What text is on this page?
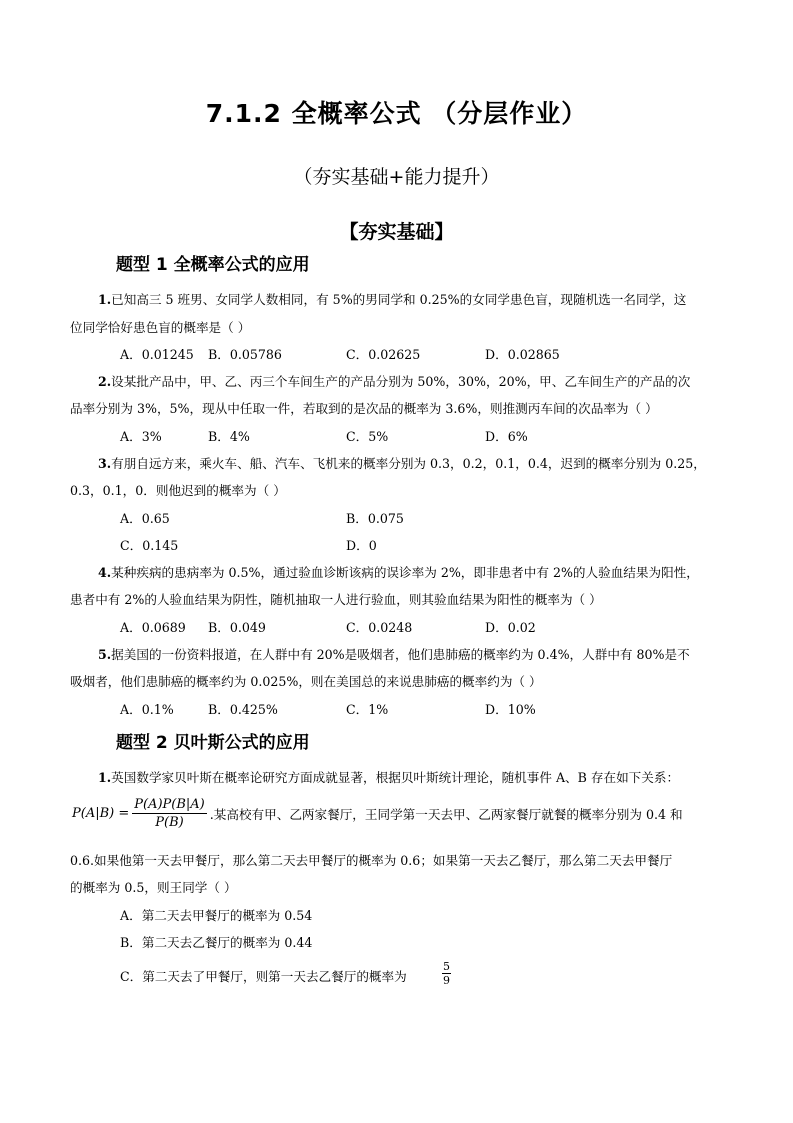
7.1.2 全概率公式 （分层作业）
（夯实基础+能力提升）
【夯实基础】
题型 1 全概率公式的应用
1.已知高三 5 班男、女同学人数相同，有 5%的男同学和 0.25%的女同学患色盲，现随机选一名同学，这
位同学恰好患色盲的概率是（ ）
A．0.01245 B．0.05786	C．0.02625	D．0.02865
2.设某批产品中，甲、乙、丙三个车间生产的产品分别为 50%，30%，20%，甲、乙车间生产的产品的次
品率分别为 3%，5%，现从中任取一件，若取到的是次品的概率为 3.6%，则推测丙车间的次品率为（ ）
A．3%	B．4%	C．5%	D．6%
3.有朋自远方来，乘火车、船、汽车、飞机来的概率分别为 0.3，0.2，0.1，0.4，迟到的概率分别为 0.25，
0.3，0.1，0．则他迟到的概率为（ ）
A．0.65	B．0.075
C．0.145	D．0
4.某种疾病的患病率为 0.5%，通过验血诊断该病的误诊率为 2%，即非患者中有 2%的人验血结果为阳性，
患者中有 2%的人验血结果为阴性，随机抽取一人进行验血，则其验血结果为阳性的概率为（ ）
A．0.0689 B．0.049	C．0.0248	D．0.02
5.据美国的一份资料报道，在人群中有 20%是吸烟者，他们患肺癌的概率约为 0.4%，人群中有 80%是不
吸烟者，他们患肺癌的概率约为 0.025%，则在美国总的来说患肺癌的概率约为（ ）
A．0.1%	B．0.425%	C．1%	D．10%
题型 2 贝叶斯公式的应用
1.英国数学家贝叶斯在概率论研究方面成就显著，根据贝叶斯统计理论，随机事件 A、B 存在如下关系：
$P(A|B) = \frac{P(A)P(B|A)}{P(B)}$ .某高校有甲、乙两家餐厅，王同学第一天去甲、乙两家餐厅就餐的概率分别为 0.4 和
0.6.如果他第一天去甲餐厅，那么第二天去甲餐厅的概率为 0.6；如果第一天去乙餐厅，那么第二天去甲餐厅
的概率为 0.5，则王同学（ ）
A．第二天去甲餐厅的概率为 0.54
B．第二天去乙餐厅的概率为 0.44
C．第二天去了甲餐厅，则第一天去乙餐厅的概率为	$\frac{5}{9}$
